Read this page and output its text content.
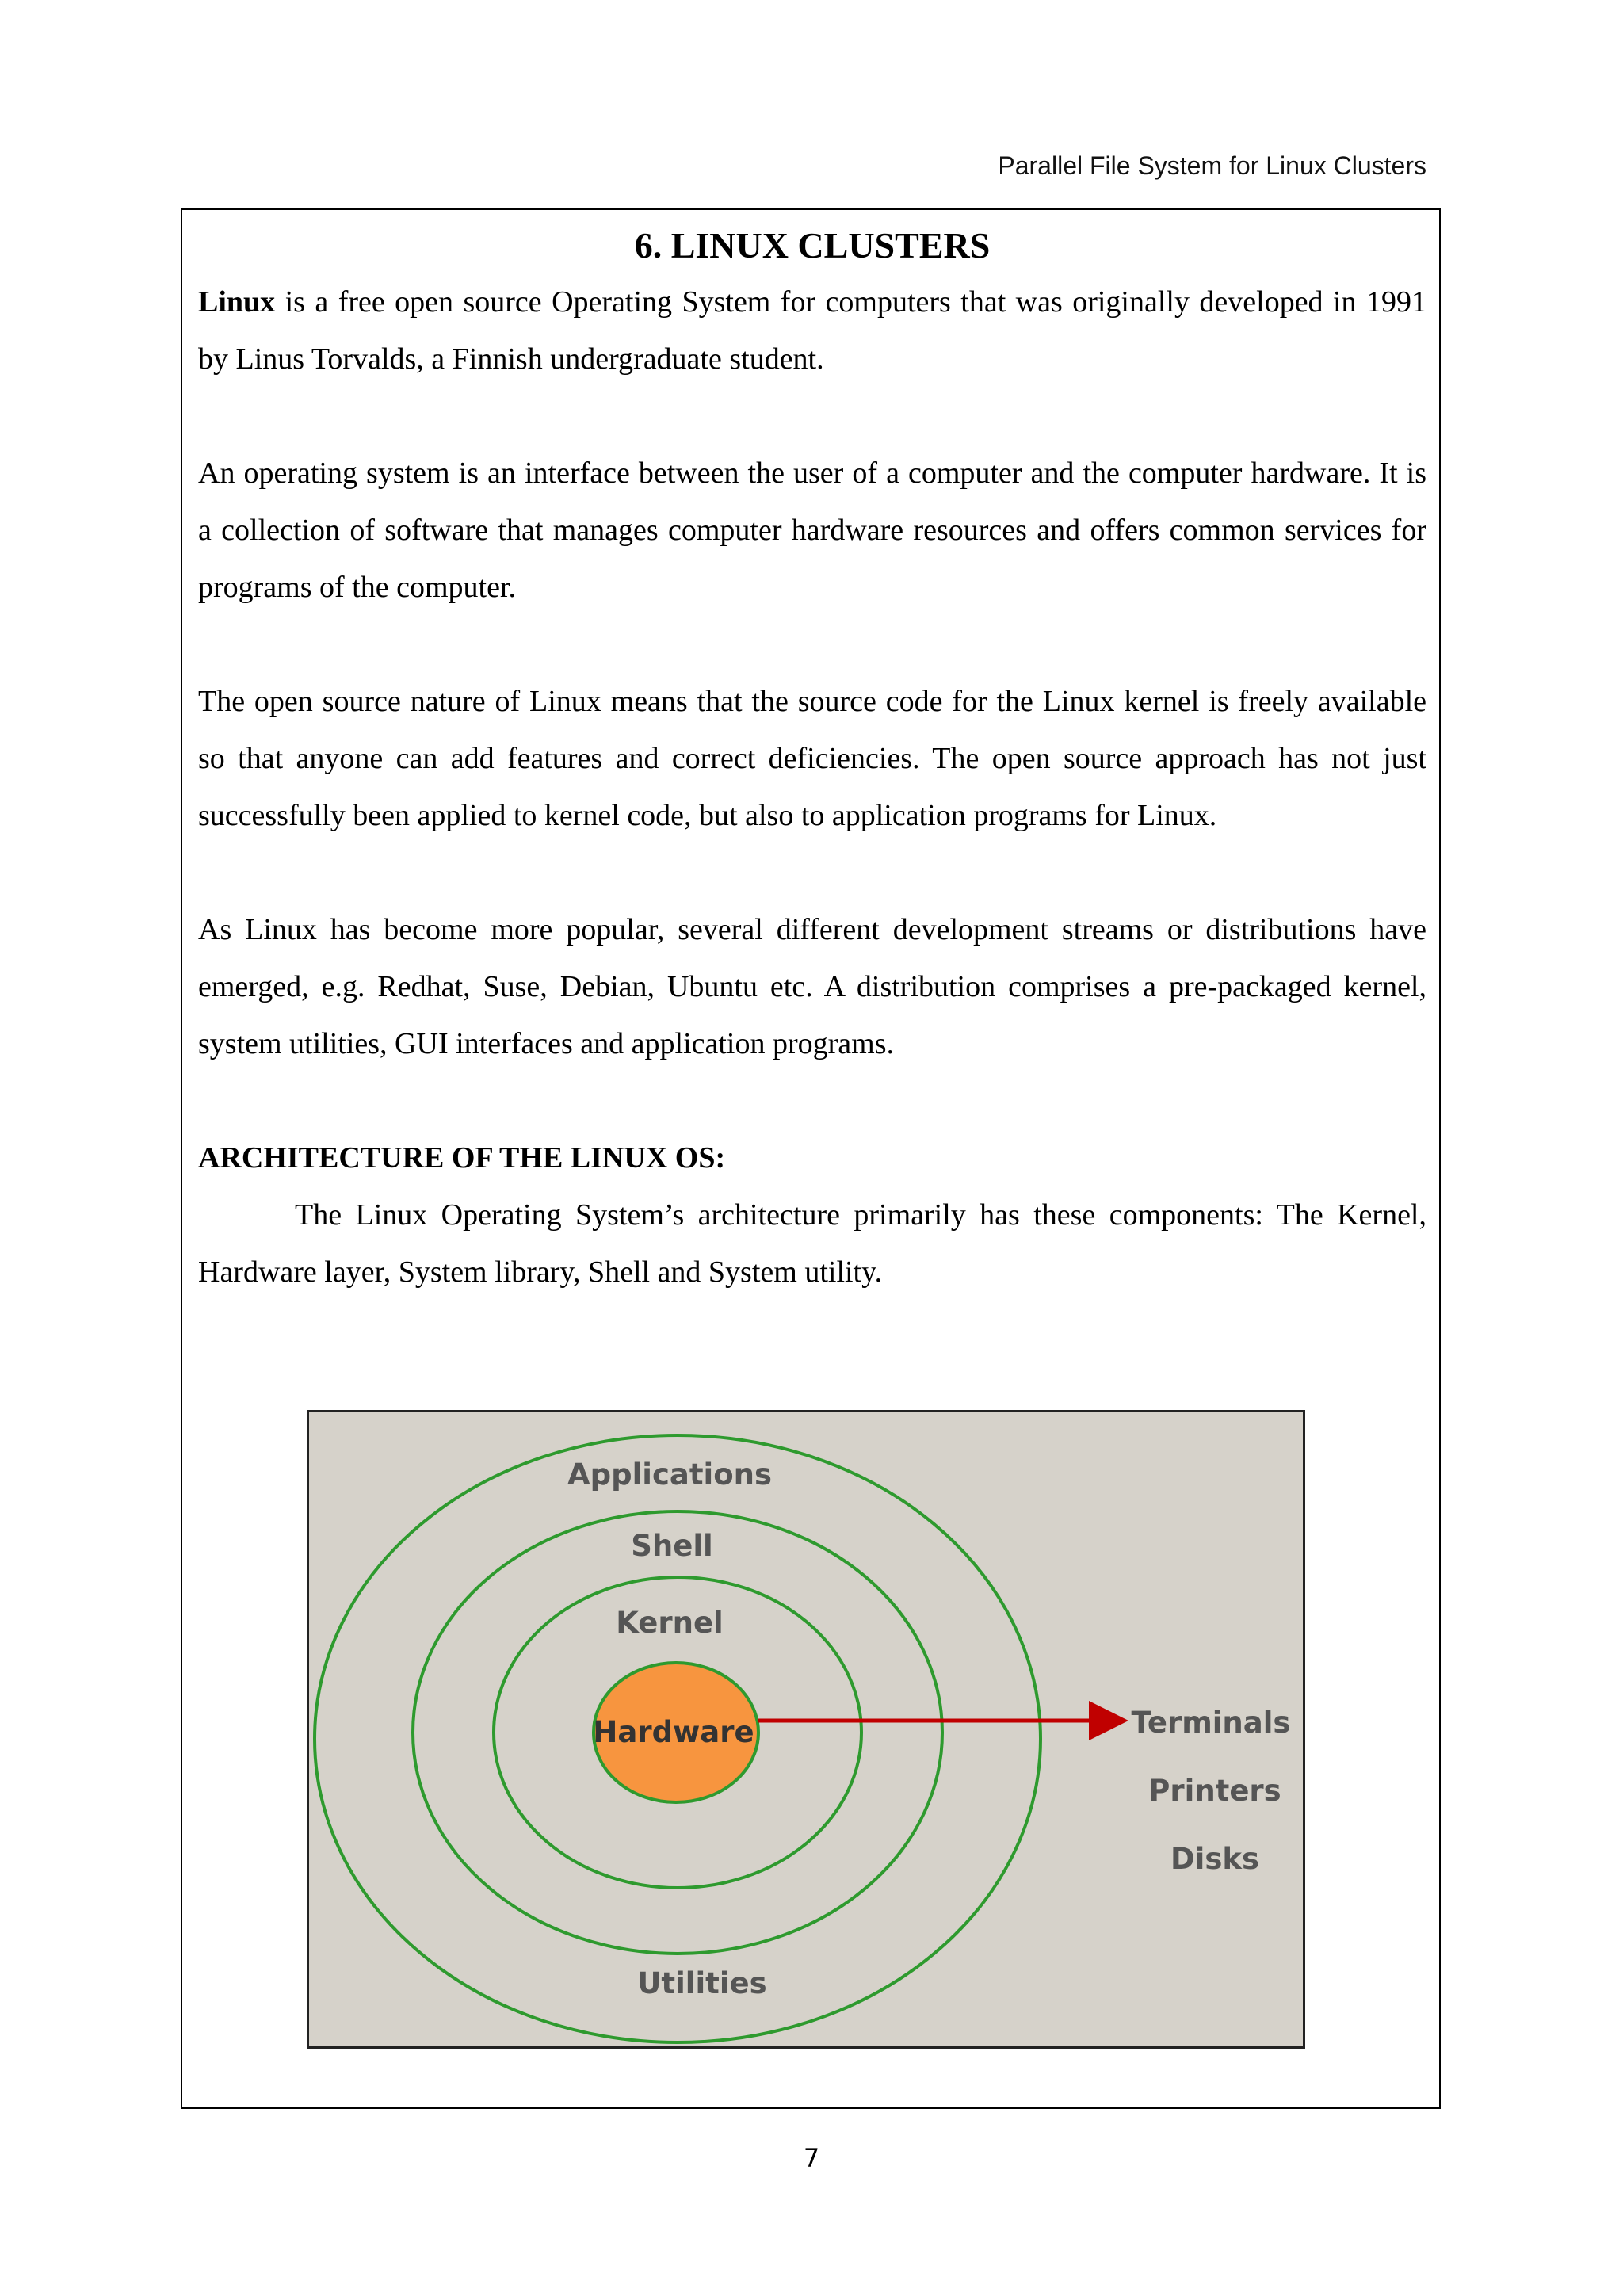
Parallel File System for Linux Clusters
6. LINUX CLUSTERS

Linux is a free open source Operating System for computers that was originally developed in 1991 by Linus Torvalds, a Finnish undergraduate student.

An operating system is an interface between the user of a computer and the computer hardware. It is a collection of software that manages computer hardware resources and offers common services for programs of the computer.

The open source nature of Linux means that the source code for the Linux kernel is freely available so that anyone can add features and correct deficiencies. The open source approach has not just successfully been applied to kernel code, but also to application programs for Linux.

As Linux has become more popular, several different development streams or distributions have emerged, e.g. Redhat, Suse, Debian, Ubuntu etc. A distribution comprises a pre-packaged kernel, system utilities, GUI interfaces and application programs.

ARCHITECTURE OF THE LINUX OS:

The Linux Operating System’s architecture primarily has these components: The Kernel, Hardware layer, System library, Shell and System utility.

Applications
Shell
Kernel
Hardware
Utilities
Terminals
Printers
Disks
7
